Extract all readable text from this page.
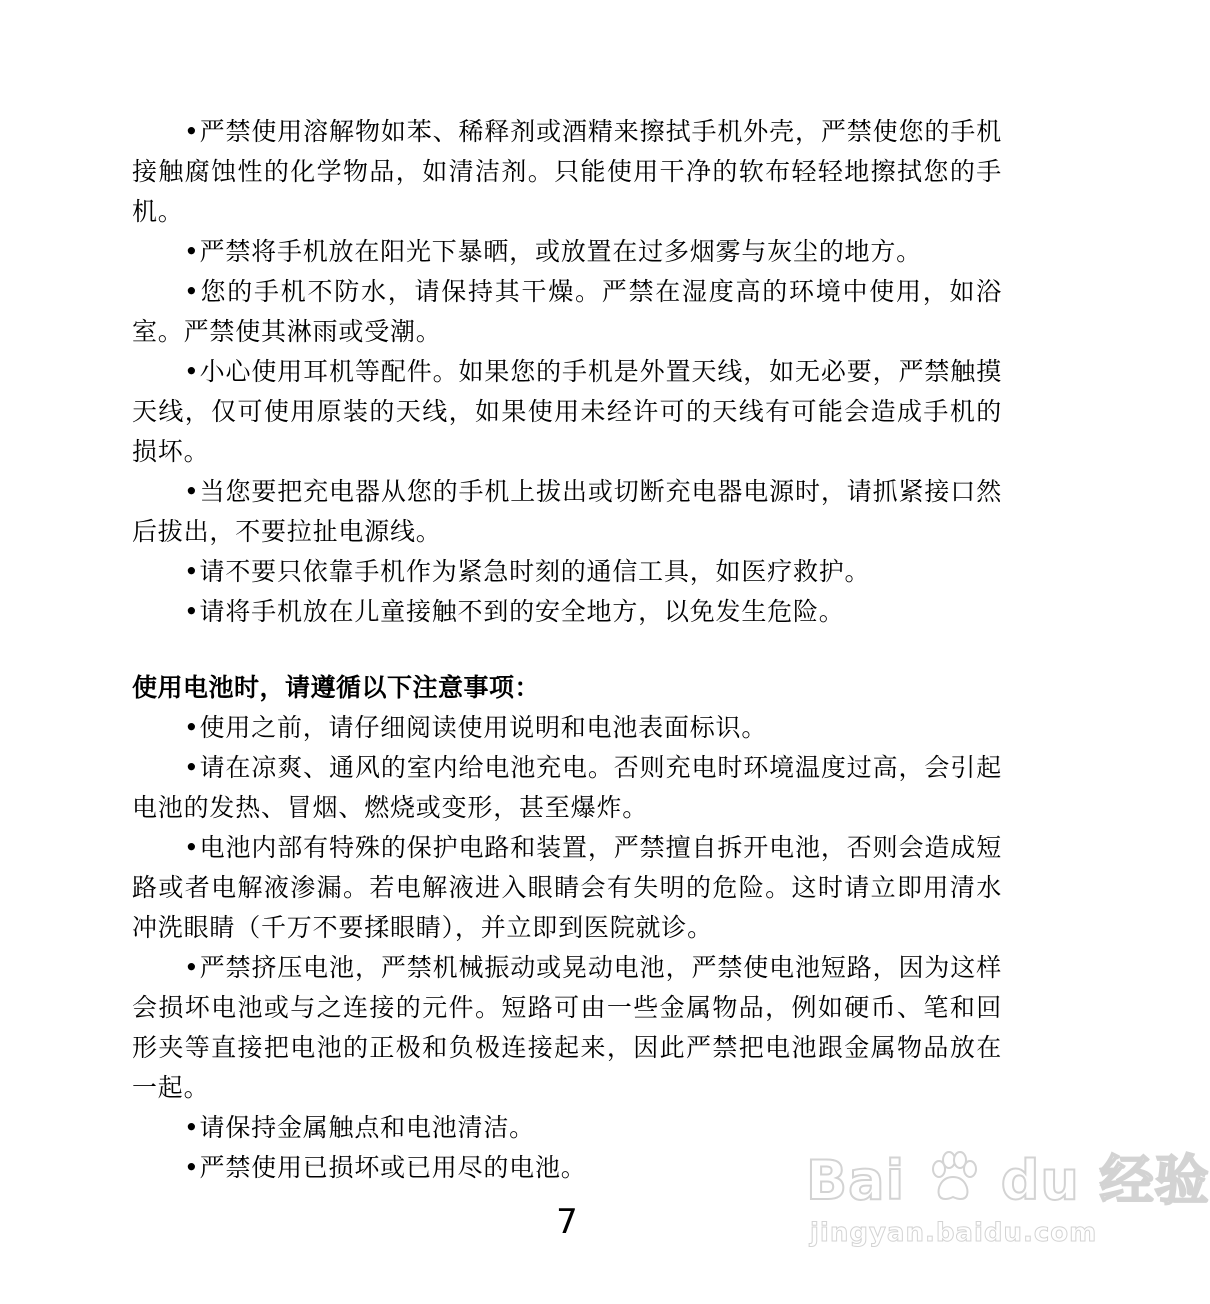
•严禁使用溶解物如苯、稀释剂或酒精来擦拭手机外壳，严禁使您的手机接触腐蚀性的化学物品，如清洁剂。只能使用干净的软布轻轻地擦拭您的手机。

•严禁将手机放在阳光下暴晒，或放置在过多烟雾与灰尘的地方。

•您的手机不防水，请保持其干燥。严禁在湿度高的环境中使用，如浴室。严禁使其淋雨或受潮。

•小心使用耳机等配件。如果您的手机是外置天线，如无必要，严禁触摸天线，仅可使用原装的天线，如果使用未经许可的天线有可能会造成手机的损坏。

•当您要把充电器从您的手机上拔出或切断充电器电源时，请抓紧接口然后拔出，不要拉扯电源线。

•请不要只依靠手机作为紧急时刻的通信工具，如医疗救护。

•请将手机放在儿童接触不到的安全地方，以免发生危险。

使用电池时，请遵循以下注意事项：

•使用之前，请仔细阅读使用说明和电池表面标识。

•请在凉爽、通风的室内给电池充电。否则充电时环境温度过高，会引起电池的发热、冒烟、燃烧或变形，甚至爆炸。

•电池内部有特殊的保护电路和装置，严禁擅自拆开电池，否则会造成短路或者电解液渗漏。若电解液进入眼睛会有失明的危险。这时请立即用清水冲洗眼睛（千万不要揉眼睛），并立即到医院就诊。

•严禁挤压电池，严禁机械振动或晃动电池，严禁使电池短路，因为这样会损坏电池或与之连接的元件。短路可由一些金属物品，例如硬币、笔和回形夹等直接把电池的正极和负极连接起来，因此严禁把电池跟金属物品放在一起。

•请保持金属触点和电池清洁。

•严禁使用已损坏或已用尽的电池。

7
Bai du 经验
jingyan.baidu.com
